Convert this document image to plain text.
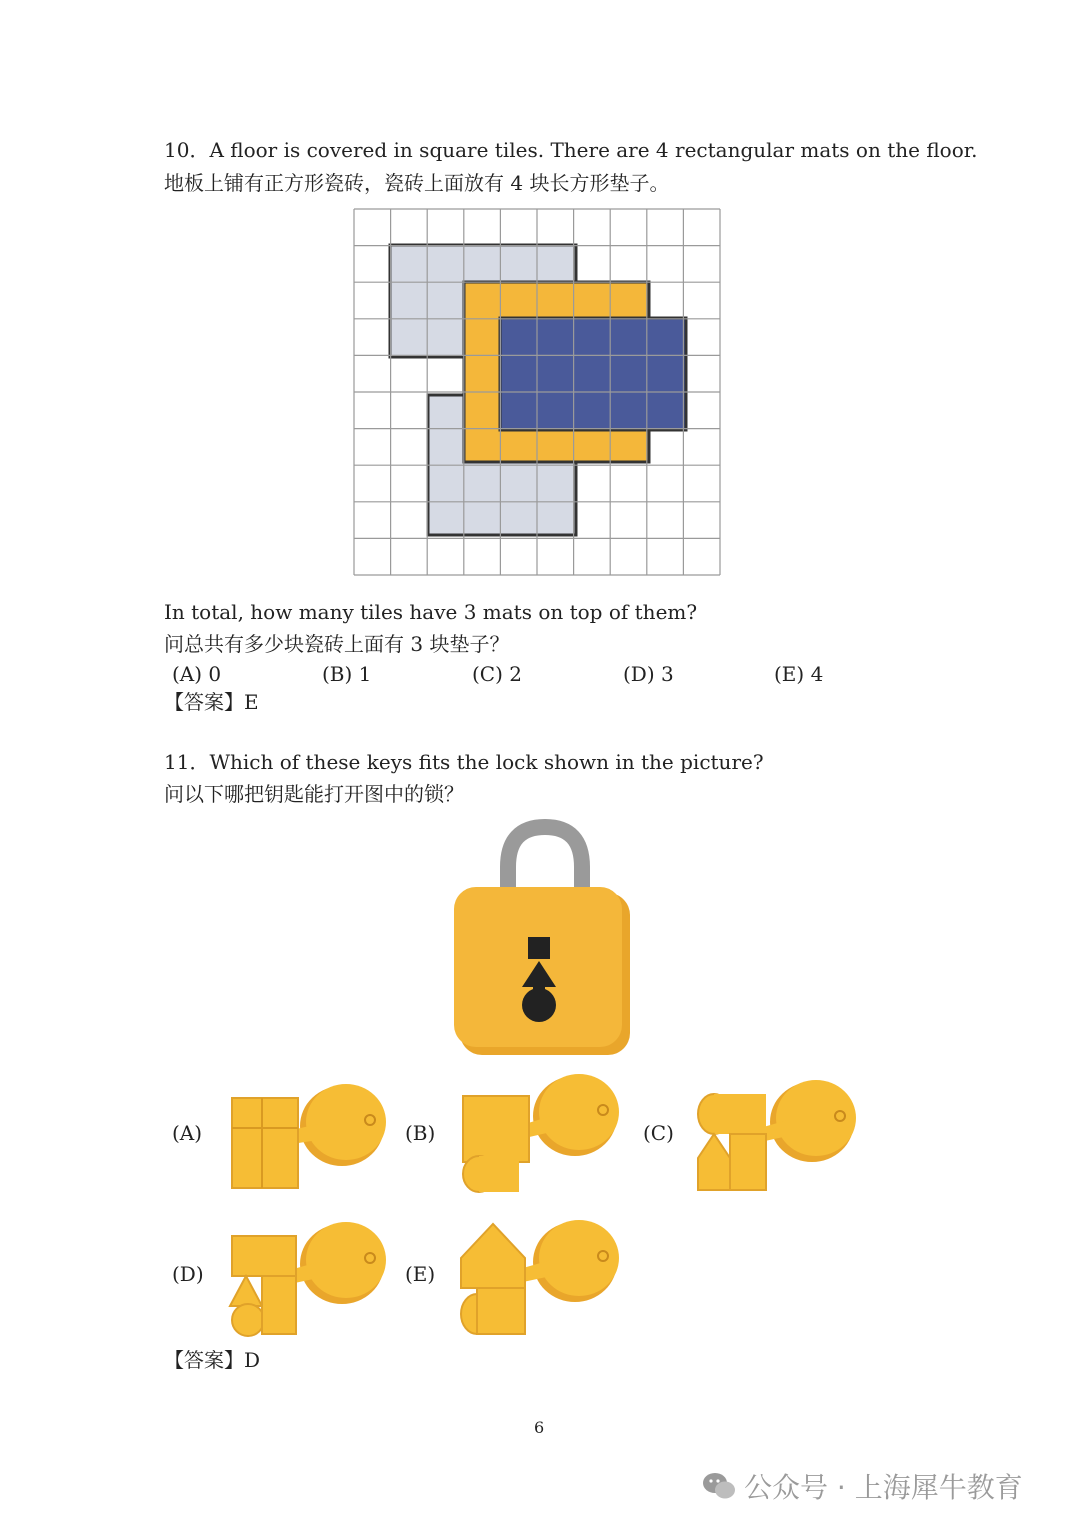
10．A floor is covered in square tiles. There are 4 rectangular mats on the floor.
地板上铺有正方形瓷砖，瓷砖上面放有 4 块长方形垫子。
In total, how many tiles have 3 mats on top of them?
问总共有多少块瓷砖上面有 3 块垫子？
(A) 0	(B) 1	(C) 2	(D) 3	(E) 4
【答案】E
11．Which of these keys fits the lock shown in the picture?
问以下哪把钥匙能打开图中的锁？
(A)	(B)	(C)
(D)	(E)
【答案】D
6
公众号 · 上海犀牛教育
